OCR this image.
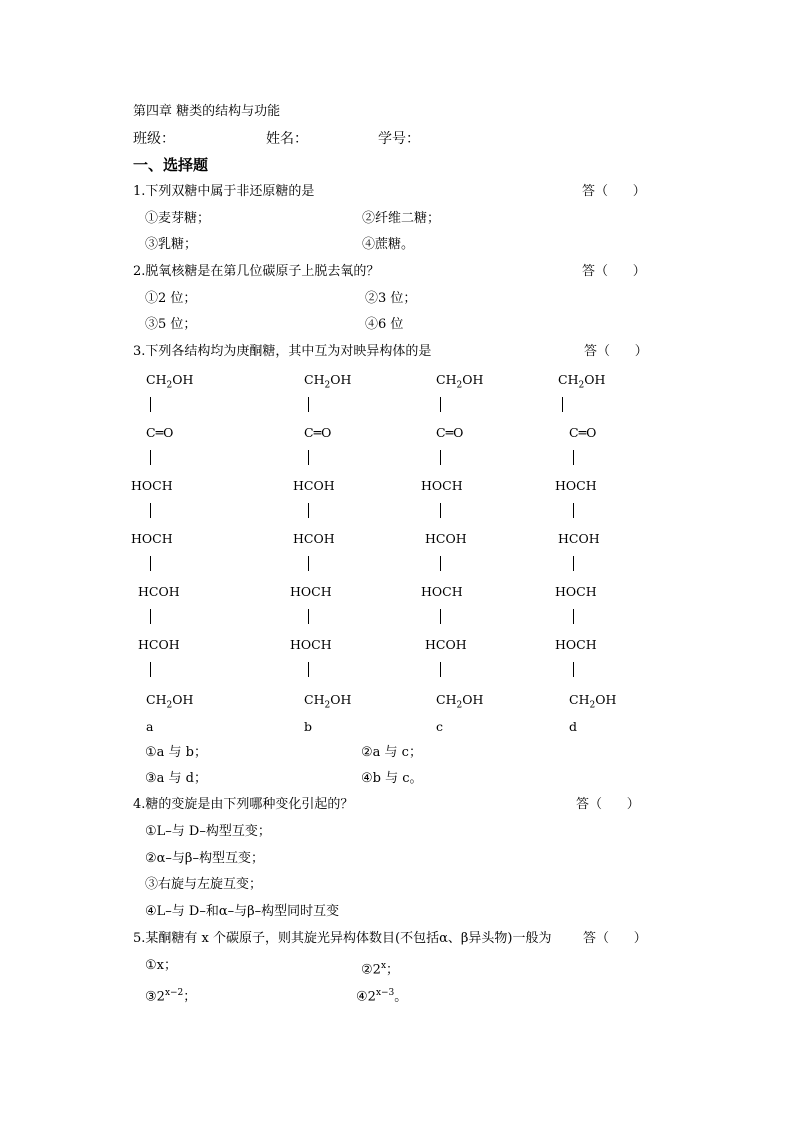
第四章 糖类的结构与功能
班级：	姓名：	学号：
一、选择题
1.下列双糖中属于非还原糖的是	答（      ）
①麦芽糖；	②纤维二糖；
③乳糖；	④蔗糖。
2.脱氧核糖是在第几位碳原子上脱去氧的？	答（      ）
①2 位；	②3 位；
③5 位；	④6 位
3.下列各结构均为庚酮糖，其中互为对映异构体的是	答（      ）
$CH_2OH$
C═O
HOCH
HOCH
HCOH
HCOH
$CH_2OH$
a
$CH_2OH$
C═O
HCOH
HCOH
HOCH
HOCH
$CH_2OH$
b
$CH_2OH$
C═O
HOCH
HCOH
HOCH
HCOH
$CH_2OH$
c
$CH_2OH$
C═O
HOCH
HCOH
HOCH
HOCH
$CH_2OH$
d
①a 与 b；	②a 与 c；
③a 与 d；	④b 与 c。
4.糖的变旋是由下列哪种变化引起的？	答（      ）
①L–与 D–构型互变；
②α–与β–构型互变；
③右旋与左旋互变；
④L–与 D–和α–与β–构型同时互变
5.某酮糖有 x 个碳原子，则其旋光异构体数目(不包括α、β异头物)一般为 答（      ）
①x；	②2$^x$；
$③2^{x-2}$；	$④2^{x-3}$。
